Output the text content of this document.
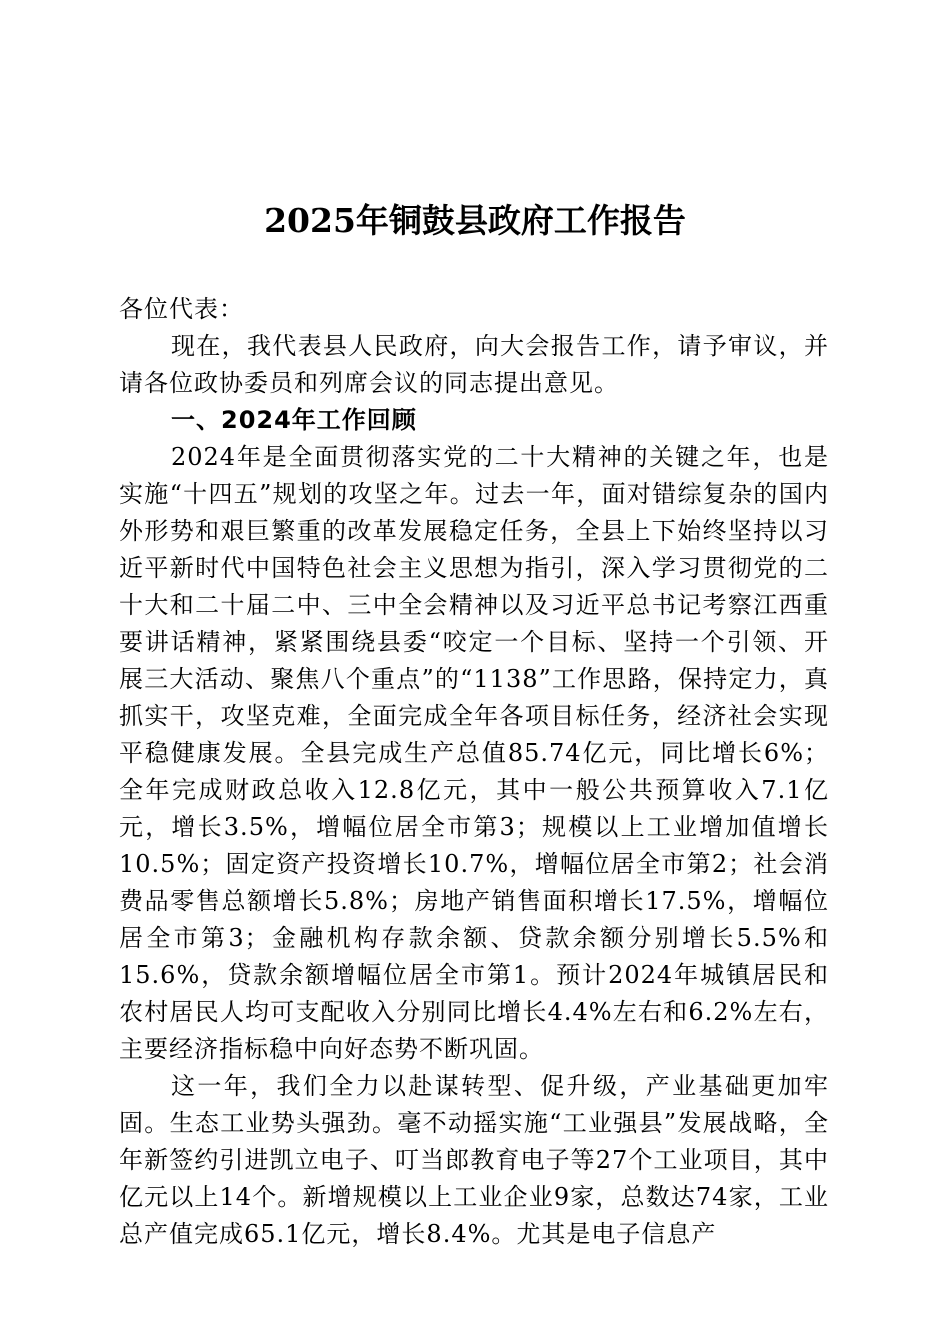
2025年铜鼓县政府工作报告

各位代表：

现在，我代表县人民政府，向大会报告工作，请予审议，并请各位政协委员和列席会议的同志提出意见。

一、2024年工作回顾

2024年是全面贯彻落实党的二十大精神的关键之年，也是实施“十四五”规划的攻坚之年。过去一年，面对错综复杂的国内外形势和艰巨繁重的改革发展稳定任务，全县上下始终坚持以习近平新时代中国特色社会主义思想为指引，深入学习贯彻党的二十大和二十届二中、三中全会精神以及习近平总书记考察江西重要讲话精神，紧紧围绕县委“咬定一个目标、坚持一个引领、开展三大活动、聚焦八个重点”的“1138”工作思路，保持定力，真抓实干，攻坚克难，全面完成全年各项目标任务，经济社会实现平稳健康发展。全县完成生产总值85.74亿元，同比增长6%；全年完成财政总收入12.8亿元，其中一般公共预算收入7.1亿元，增长3.5%，增幅位居全市第3；规模以上工业增加值增长10.5%；固定资产投资增长10.7%，增幅位居全市第2；社会消费品零售总额增长5.8%；房地产销售面积增长17.5%，增幅位居全市第3；金融机构存款余额、贷款余额分别增长5.5%和15.6%，贷款余额增幅位居全市第1。预计2024年城镇居民和农村居民人均可支配收入分别同比增长4.4%左右和6.2%左右，主要经济指标稳中向好态势不断巩固。

这一年，我们全力以赴谋转型、促升级，产业基础更加牢固。生态工业势头强劲。毫不动摇实施“工业强县”发展战略，全年新签约引进凯立电子、叮当郎教育电子等27个工业项目，其中亿元以上14个。新增规模以上工业企业9家，总数达74家，工业总产值完成65.1亿元，增长8.4%。尤其是电子信息产
